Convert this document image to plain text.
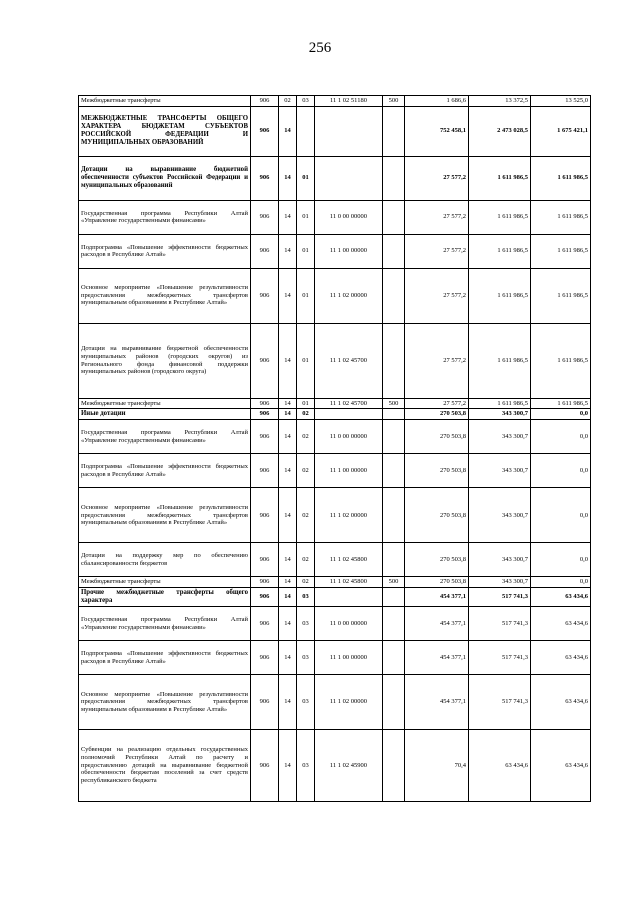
256
Межбюджетные трансферты	906	02	03	11 1 02 51180	500	1 686,6	13 372,5	13 525,0
МЕЖБЮДЖЕТНЫЕ ТРАНСФЕРТЫ ОБЩЕГО ХАРАКТЕРА БЮДЖЕТАМ СУБЪЕКТОВ РОССИЙСКОЙ ФЕДЕРАЦИИ И МУНИЦИПАЛЬНЫХ ОБРАЗОВАНИЙ	906	14				752 458,1	2 473 028,5	1 675 421,1
Дотации на выравнивание бюджетной обеспеченности субъектов Российской Федерации и муниципальных образований	906	14	01			27 577,2	1 611 986,5	1 611 986,5
Государственная программа Республики Алтай «Управление государственными финансами»	906	14	01	11 0 00 00000		27 577,2	1 611 986,5	1 611 986,5
Подпрограмма «Повышение эффективности бюджетных расходов в Республике Алтай»	906	14	01	11 1 00 00000		27 577,2	1 611 986,5	1 611 986,5
Основное мероприятие «Повышение результативности предоставления межбюджетных трансфертов муниципальным образованиям в Республике Алтай»	906	14	01	11 1 02 00000		27 577,2	1 611 986,5	1 611 986,5
Дотации на выравнивание бюджетной обеспеченности муниципальных районов (городских округов) из Регионального фонда финансовой поддержки муниципальных районов (городского округа)	906	14	01	11 1 02 45700		27 577,2	1 611 986,5	1 611 986,5
Межбюджетные трансферты	906	14	01	11 1 02 45700	500	27 577,2	1 611 986,5	1 611 986,5
Иные дотации	906	14	02			270 503,8	343 300,7	0,0
Государственная программа Республики Алтай «Управление государственными финансами»	906	14	02	11 0 00 00000		270 503,8	343 300,7	0,0
Подпрограмма «Повышение эффективности бюджетных расходов в Республике Алтай»	906	14	02	11 1 00 00000		270 503,8	343 300,7	0,0
Основное мероприятие «Повышение результативности предоставления межбюджетных трансфертов муниципальным образованиям в Республике Алтай»	906	14	02	11 1 02 00000		270 503,8	343 300,7	0,0
Дотации на поддержку мер по обеспечению сбалансированности бюджетов	906	14	02	11 1 02 45800		270 503,8	343 300,7	0,0
Межбюджетные трансферты	906	14	02	11 1 02 45800	500	270 503,8	343 300,7	0,0
Прочие межбюджетные трансферты общего характера	906	14	03			454 377,1	517 741,3	63 434,6
Государственная программа Республики Алтай «Управление государственными финансами»	906	14	03	11 0 00 00000		454 377,1	517 741,3	63 434,6
Подпрограмма «Повышение эффективности бюджетных расходов в Республике Алтай»	906	14	03	11 1 00 00000		454 377,1	517 741,3	63 434,6
Основное мероприятие «Повышение результативности предоставления межбюджетных трансфертов муниципальным образованиям в Республике Алтай»	906	14	03	11 1 02 00000		454 377,1	517 741,3	63 434,6
Субвенции на реализацию отдельных государственных полномочий Республики Алтай по расчету и предоставлению дотаций на выравнивание бюджетной обеспеченности бюджетам поселений за счет средств республиканского бюджета	906	14	03	11 1 02 45900		70,4	63 434,6	63 434,6
